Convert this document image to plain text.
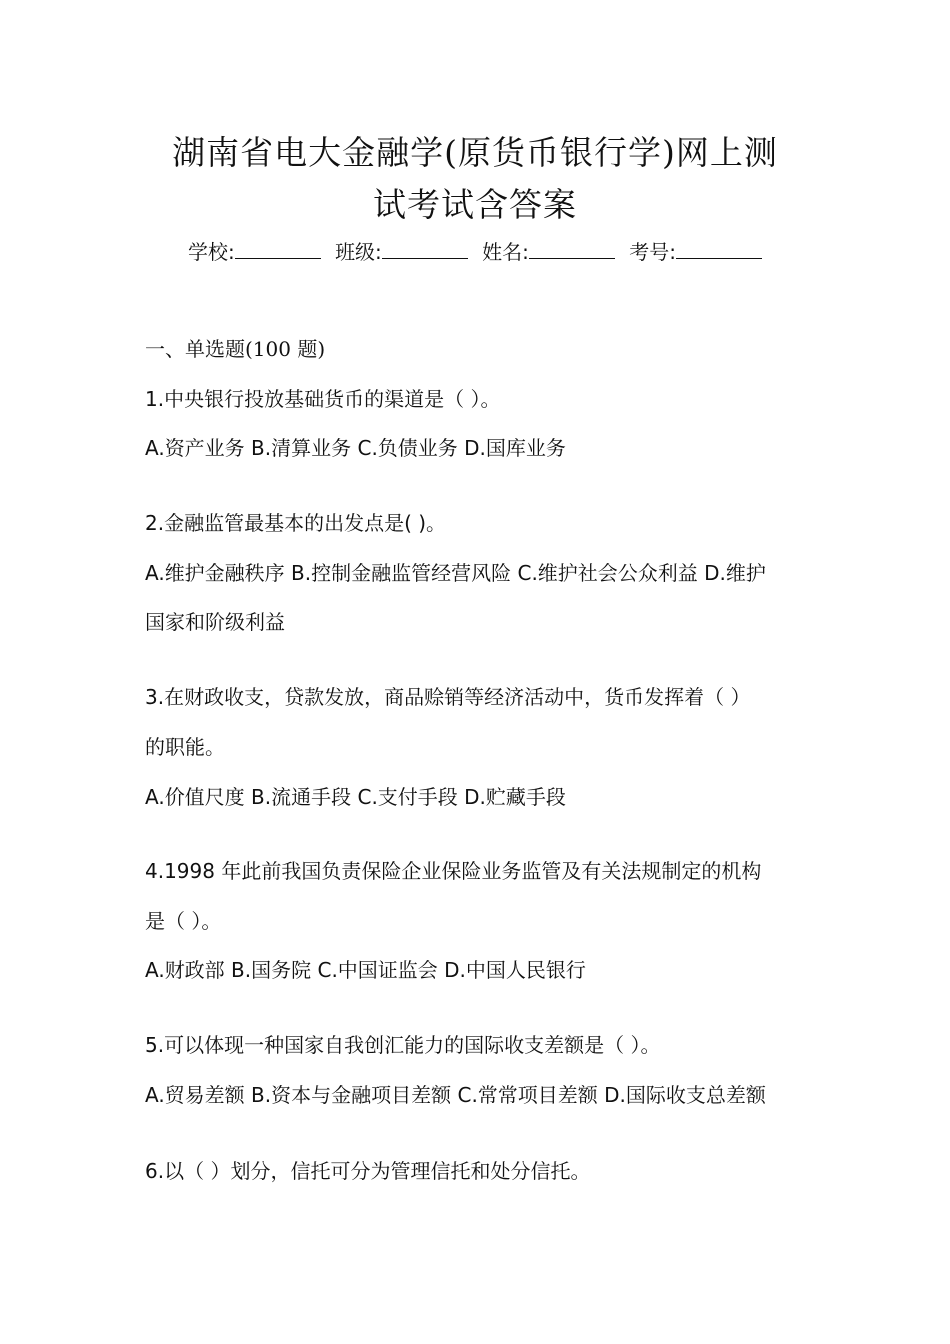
湖南省电大金融学(原货币银行学)网上测
试考试含答案
学校:	班级:	姓名:	考号:
一、单选题(100 题)
1.中央银行投放基础货币的渠道是（ ）。
A.资产业务 B.清算业务 C.负债业务 D.国库业务
2.金融监管最基本的出发点是( )。
A.维护金融秩序 B.控制金融监管经营风险 C.维护社会公众利益 D.维护
国家和阶级利益
3.在财政收支，贷款发放，商品赊销等经济活动中，货币发挥着（ ）
的职能。
A.价值尺度 B.流通手段 C.支付手段 D.贮藏手段
4.1998 年此前我国负责保险企业保险业务监管及有关法规制定的机构
是（ ）。
A.财政部 B.国务院 C.中国证监会 D.中国人民银行
5.可以体现一种国家自我创汇能力的国际收支差额是（ ）。
A.贸易差额 B.资本与金融项目差额 C.常常项目差额 D.国际收支总差额
6.以（ ）划分，信托可分为管理信托和处分信托。
